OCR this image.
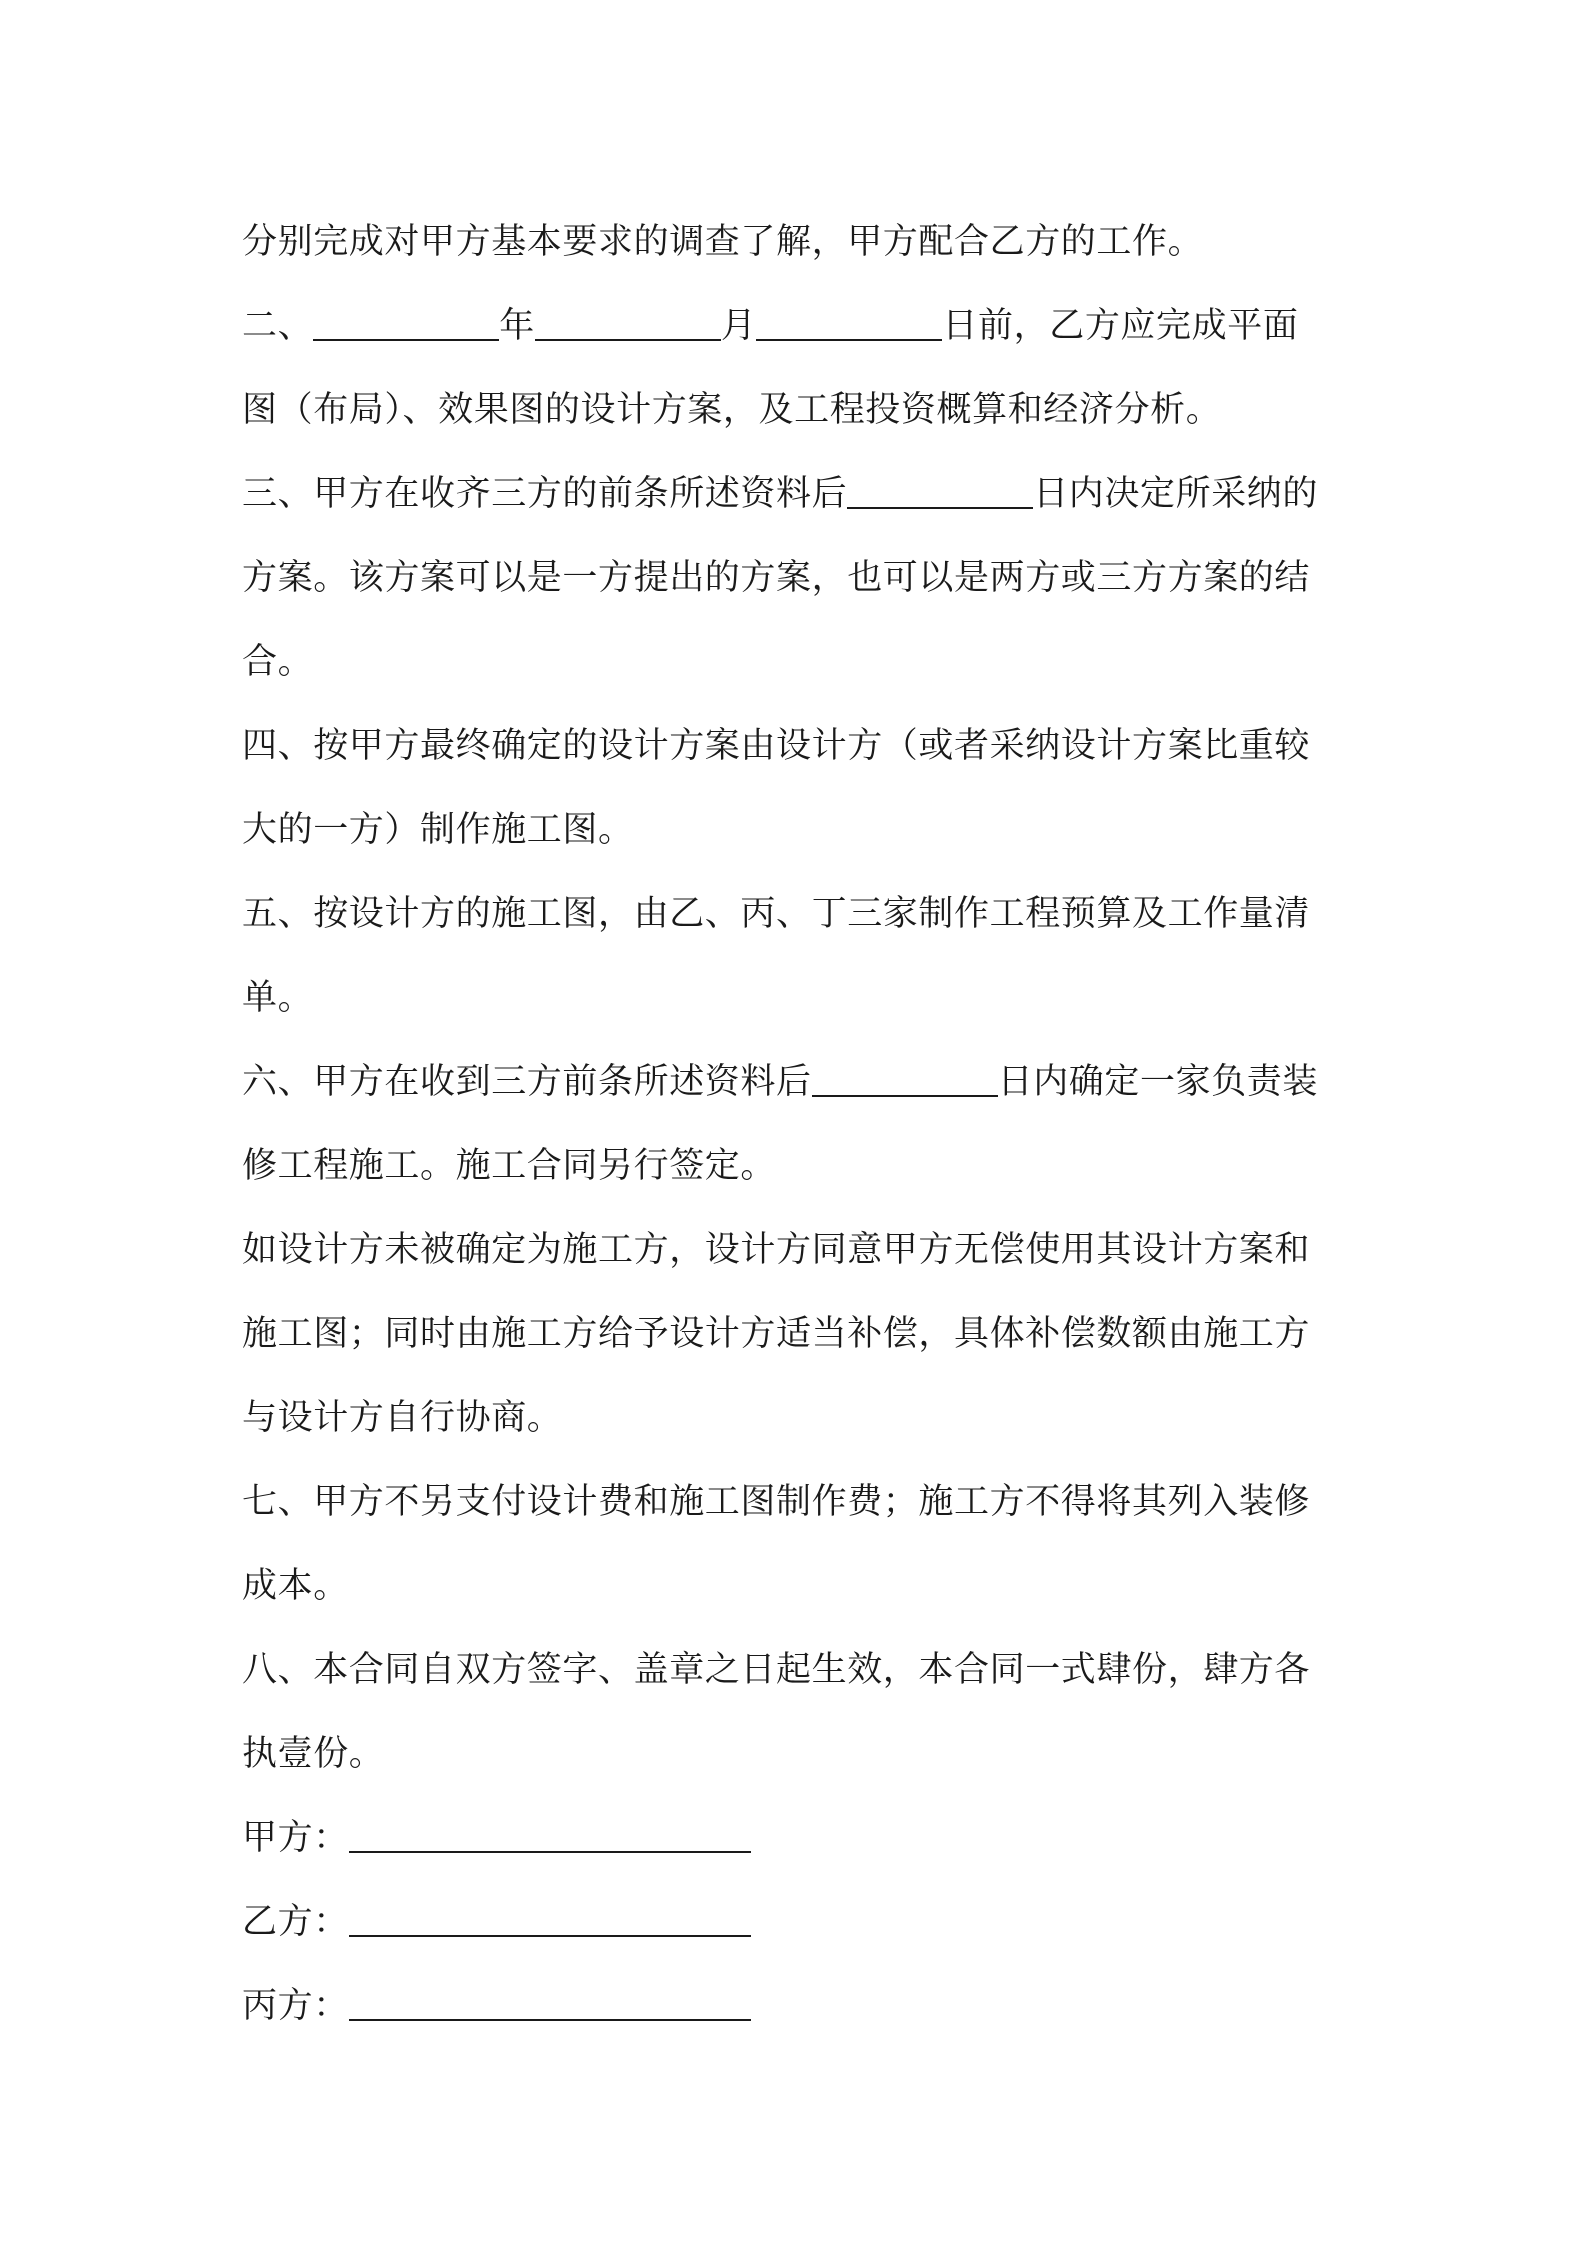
分别完成对甲方基本要求的调查了解，甲方配合乙方的工作。
二、	年	月	日前，乙方应完成平面
图（布局）、效果图的设计方案，及工程投资概算和经济分析。
三、甲方在收齐三方的前条所述资料后	日内决定所采纳的
方案。该方案可以是一方提出的方案，也可以是两方或三方方案的结
合。
四、按甲方最终确定的设计方案由设计方（或者采纳设计方案比重较
大的一方）制作施工图。
五、按设计方的施工图，由乙、丙、丁三家制作工程预算及工作量清
单。
六、甲方在收到三方前条所述资料后	日内确定一家负责装
修工程施工。施工合同另行签定。
如设计方未被确定为施工方，设计方同意甲方无偿使用其设计方案和
施工图；同时由施工方给予设计方适当补偿，具体补偿数额由施工方
与设计方自行协商。
七、甲方不另支付设计费和施工图制作费；施工方不得将其列入装修
成本。
八、本合同自双方签字、盖章之日起生效，本合同一式肆份，肆方各
执壹份。
甲方：
乙方：
丙方：
